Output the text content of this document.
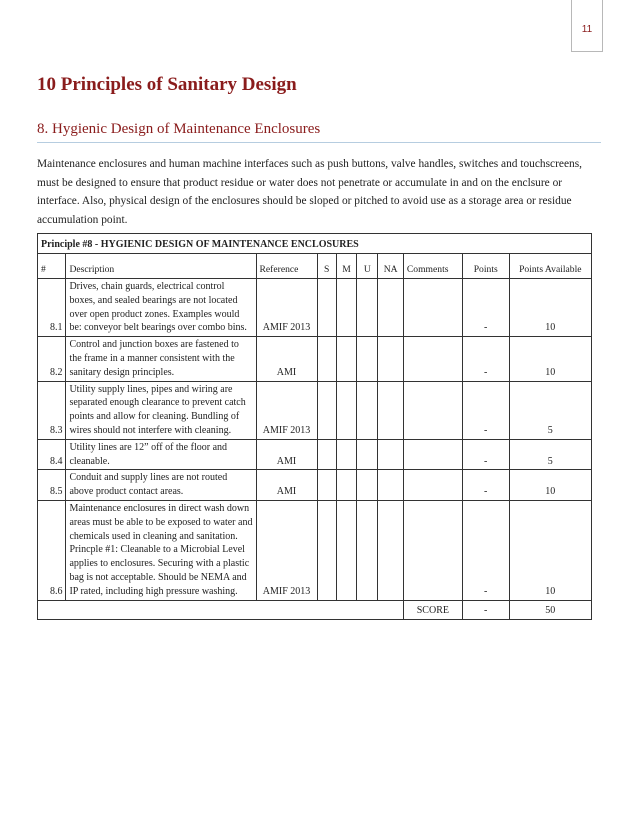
11
10 Principles of Sanitary Design
8. Hygienic Design of Maintenance Enclosures

Maintenance enclosures and human machine interfaces such as push buttons, valve handles, switches and touchscreens, must be designed to ensure that product residue or water does not penetrate or accumulate in and on the enclsure or interface. Also, physical design of the enclosures should be sloped or pitched to avoid use as a storage area or residue accumulation point.

Principle #8 - HYGIENIC DESIGN OF MAINTENANCE ENCLOSURES									
#	Description	Reference	S	M	U	NA	Comments	Points	Points Available
8.1	Drives, chain guards, electrical control boxes, and sealed bearings are not located over open product zones. Examples would be: conveyor belt bearings over combo bins.	AMIF 2013						-	10
8.2	Control and junction boxes are fastened to the frame in a manner consistent with the sanitary design principles.	AMI						-	10
8.3	Utility supply lines, pipes and wiring are separated enough clearance to prevent catch points and allow for cleaning. Bundling of wires should not interfere with cleaning.	AMIF 2013						-	5
8.4	Utility lines are 12” off of the floor and cleanable.	AMI						-	5
8.5	Conduit and supply lines are not routed above product contact areas.	AMI						-	10
8.6	Maintenance enclosures in direct wash down areas must be able to be exposed to water and chemicals used in cleaning and sanitation. Princple #1: Cleanable to a Microbial Level applies to enclosures. Securing with a plastic bag is not acceptable. Should be NEMA and IP rated, including high pressure washing.	AMIF 2013						-	10
							SCORE	-	50
